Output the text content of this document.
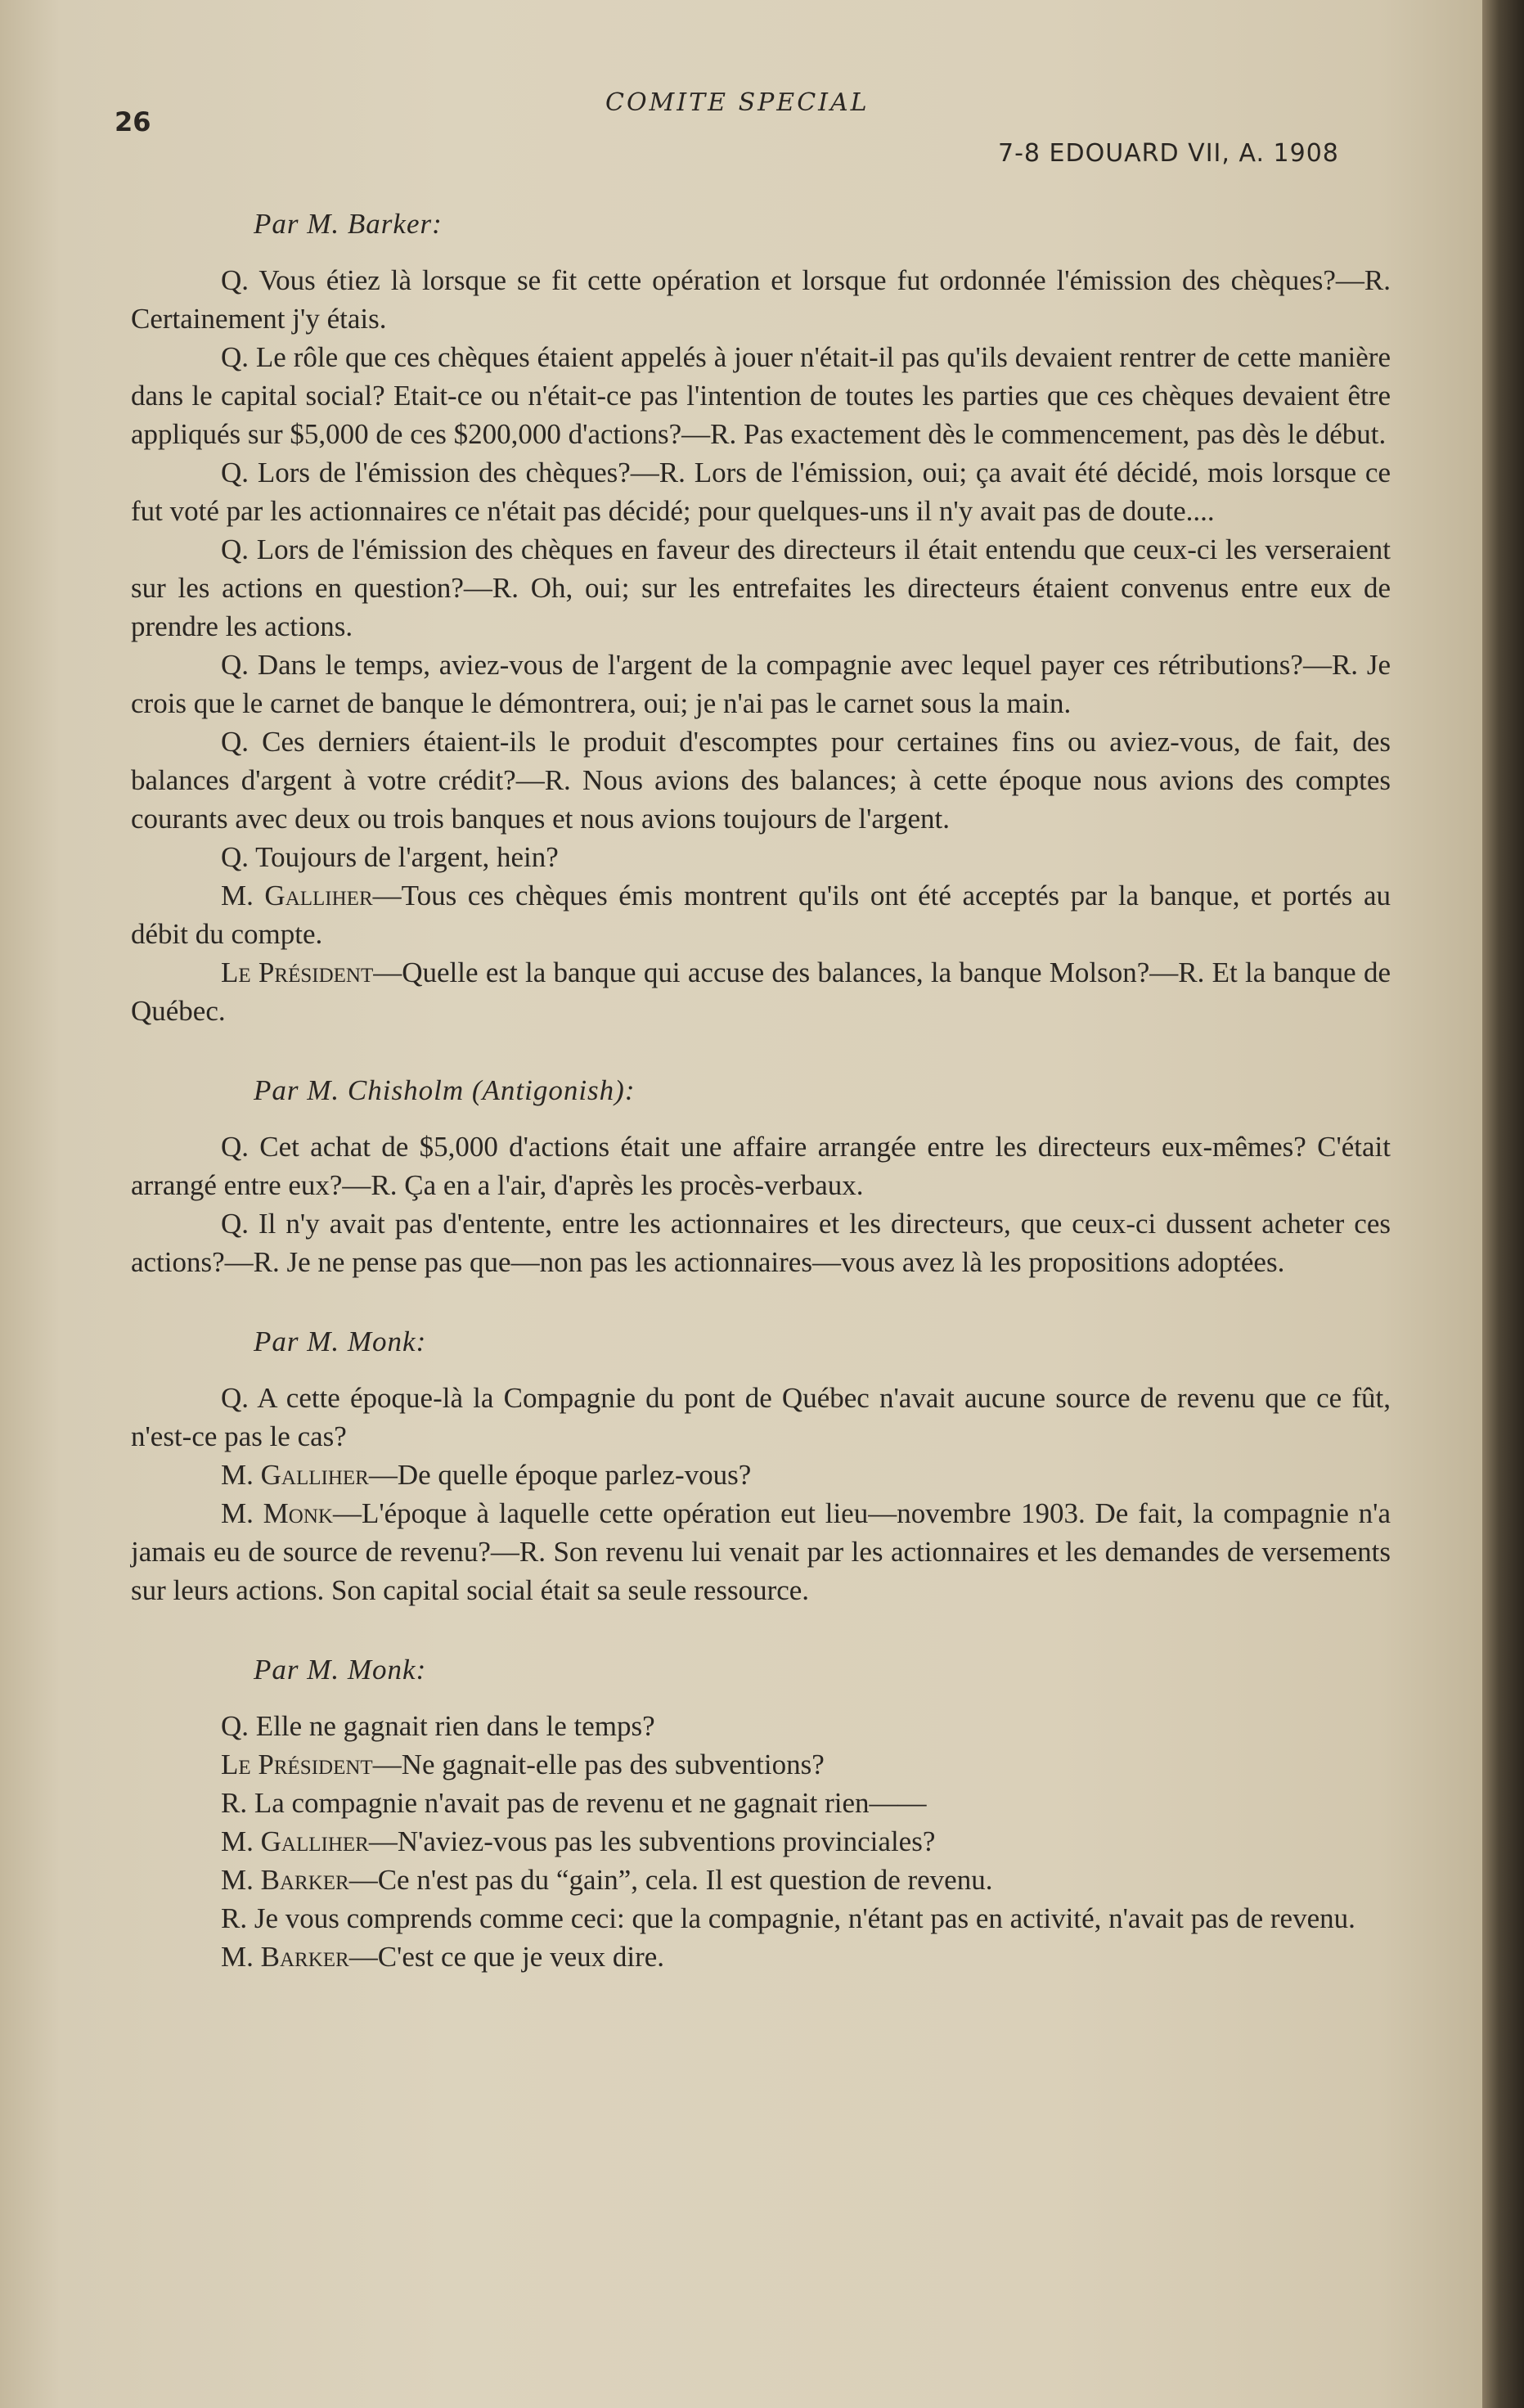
26
COMITE SPECIAL
7-8 EDOUARD VII, A. 1908
Par M. Barker:

Q. Vous étiez là lorsque se fit cette opération et lorsque fut ordonnée l'émission des chèques?—R. Certainement j'y étais.

Q. Le rôle que ces chèques étaient appelés à jouer n'était-il pas qu'ils devaient rentrer de cette manière dans le capital social? Etait-ce ou n'était-ce pas l'intention de toutes les parties que ces chèques devaient être appliqués sur $5,000 de ces $200,000 d'actions?—R. Pas exactement dès le commencement, pas dès le début.

Q. Lors de l'émission des chèques?—R. Lors de l'émission, oui; ça avait été décidé, mois lorsque ce fut voté par les actionnaires ce n'était pas décidé; pour quelques-uns il n'y avait pas de doute....

Q. Lors de l'émission des chèques en faveur des directeurs il était entendu que ceux-ci les verseraient sur les actions en question?—R. Oh, oui; sur les entrefaites les directeurs étaient convenus entre eux de prendre les actions.

Q. Dans le temps, aviez-vous de l'argent de la compagnie avec lequel payer ces rétributions?—R. Je crois que le carnet de banque le démontrera, oui; je n'ai pas le carnet sous la main.

Q. Ces derniers étaient-ils le produit d'escomptes pour certaines fins ou aviez-vous, de fait, des balances d'argent à votre crédit?—R. Nous avions des balances; à cette époque nous avions des comptes courants avec deux ou trois banques et nous avions toujours de l'argent.

Q. Toujours de l'argent, hein?

M. Galliher—Tous ces chèques émis montrent qu'ils ont été acceptés par la banque, et portés au débit du compte.

Le Président—Quelle est la banque qui accuse des balances, la banque Molson?—R. Et la banque de Québec.

Par M. Chisholm (Antigonish):

Q. Cet achat de $5,000 d'actions était une affaire arrangée entre les directeurs eux-mêmes? C'était arrangé entre eux?—R. Ça en a l'air, d'après les procès-verbaux.

Q. Il n'y avait pas d'entente, entre les actionnaires et les directeurs, que ceux-ci dussent acheter ces actions?—R. Je ne pense pas que—non pas les actionnaires—vous avez là les propositions adoptées.

Par M. Monk:

Q. A cette époque-là la Compagnie du pont de Québec n'avait aucune source de revenu que ce fût, n'est-ce pas le cas?

M. Galliher—De quelle époque parlez-vous?

M. Monk—L'époque à laquelle cette opération eut lieu—novembre 1903. De fait, la compagnie n'a jamais eu de source de revenu?—R. Son revenu lui venait par les actionnaires et les demandes de versements sur leurs actions. Son capital social était sa seule ressource.

Par M. Monk:

Q. Elle ne gagnait rien dans le temps?

Le Président—Ne gagnait-elle pas des subventions?

R. La compagnie n'avait pas de revenu et ne gagnait rien——

M. Galliher—N'aviez-vous pas les subventions provinciales?

M. Barker—Ce n'est pas du “gain”, cela. Il est question de revenu.

R. Je vous comprends comme ceci: que la compagnie, n'étant pas en activité, n'avait pas de revenu.

M. Barker—C'est ce que je veux dire.
